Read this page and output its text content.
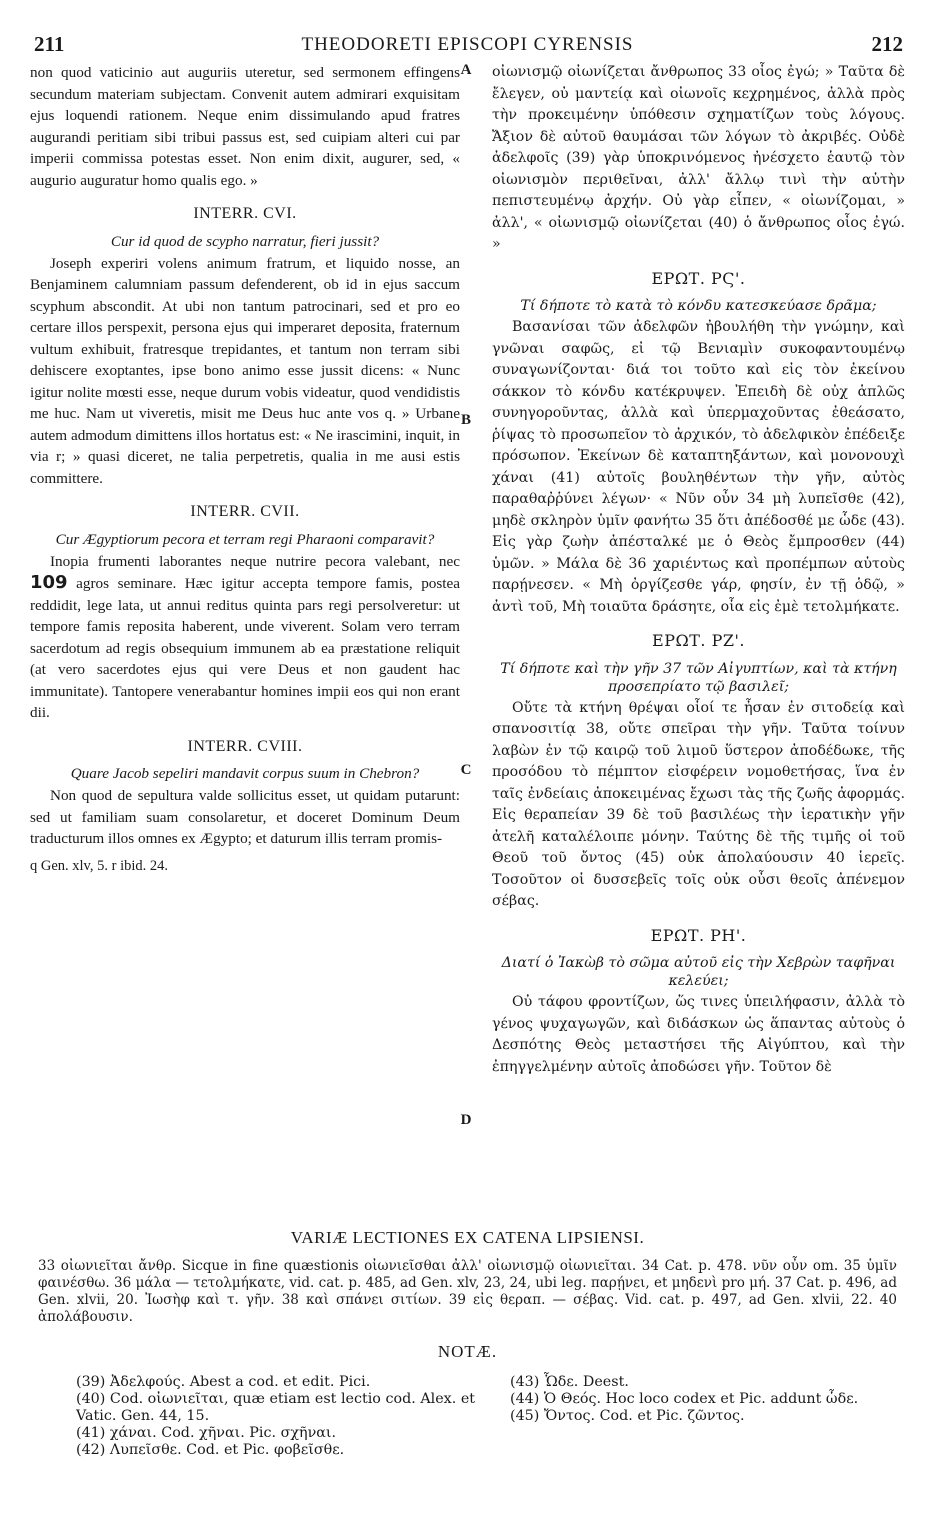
211	THEODORETI EPISCOPI CYRENSIS	212
A
B
C
D

non quod vaticinio aut auguriis uteretur, sed sermonem effingens secundum materiam subjectam. Convenit autem admirari exquisitam ejus loquendi rationem. Neque enim dissimulando apud fratres augurandi peritiam sibi tribui passus est, sed cuipiam alteri cui par imperii commissa potestas esset. Non enim dixit, augurer, sed, « augurio auguratur homo qualis ego. »

INTERR. CVI.

Cur id quod de scypho narratur, fieri jussit?

Joseph experiri volens animum fratrum, et liquido nosse, an Benjaminem calumniam passum defenderent, ob id in ejus saccum scyphum abscondit. At ubi non tantum patrocinari, sed et pro eo certare illos perspexit, persona ejus qui imperaret deposita, fraternum vultum exhibuit, fratresque trepidantes, et tantum non terram sibi dehiscere exoptantes, ipse bono animo esse jussit dicens: « Nunc igitur nolite mœsti esse, neque durum vobis videatur, quod vendidistis me huc. Nam ut viveretis, misit me Deus huc ante vos q. » Urbane autem admodum dimittens illos hortatus est: « Ne irascimini, inquit, in via r; » quasi diceret, ne talia perpetretis, qualia in me ausi estis committere.

INTERR. CVII.

Cur Ægyptiorum pecora et terram regi Pharaoni comparavit?

Inopia frumenti laborantes neque nutrire pecora valebant, nec 109 agros seminare. Hæc igitur accepta tempore famis, postea reddidit, lege lata, ut annui reditus quinta pars regi persolveretur: ut tempore famis reposita haberent, unde viverent. Solam vero terram sacerdotum ad regis obsequium immunem ab ea præstatione reliquit (at vero sacerdotes ejus qui vere Deus et non gaudent hac immunitate). Tantopere venerabantur homines impii eos qui non erant dii.

INTERR. CVIII.

Quare Jacob sepeliri mandavit corpus suum in Chebron?

Non quod de sepultura valde sollicitus esset, ut quidam putarunt: sed ut familiam suam consolaretur, et doceret Dominum Deum traducturum illos omnes ex Ægypto; et daturum illis terram promis-

q Gen. xlv, 5. r ibid. 24.

οἰωνισμῷ οἰωνίζεται ἄνθρωπος 33 οἷος ἐγώ; » Ταῦτα δὲ ἔλεγεν, οὐ μαντείᾳ καὶ οἰωνοῖς κεχρημένος, ἀλλὰ πρὸς τὴν προκειμένην ὑπόθεσιν σχηματίζων τοὺς λόγους. Ἄξιον δὲ αὐτοῦ θαυμάσαι τῶν λόγων τὸ ἀκριβές. Οὐδὲ ἀδελφοῖς (39) γὰρ ὑποκρινόμενος ἠνέσχετο ἑαυτῷ τὸν οἰωνισμὸν περιθεῖναι, ἀλλ' ἄλλῳ τινὶ τὴν αὐτὴν πεπιστευμένῳ ἀρχήν. Οὐ γὰρ εἶπεν, « οἰωνίζομαι, » ἀλλ', « οἰωνισμῷ οἰωνίζεται (40) ὁ ἄνθρωπος οἷος ἐγώ. »

ΕΡΩΤ. ΡϚ'.

Τί δήποτε τὸ κατὰ τὸ κόνδυ κατεσκεύασε δρᾶμα;

Βασανίσαι τῶν ἀδελφῶν ἠβουλήθη τὴν γνώμην, καὶ γνῶναι σαφῶς, εἰ τῷ Βενιαμὶν συκοφαντουμένῳ συναγωνίζονται· διά τοι τοῦτο καὶ εἰς τὸν ἐκείνου σάκκον τὸ κόνδυ κατέκρυψεν. Ἐπειδὴ δὲ οὐχ ἁπλῶς συνηγοροῦντας, ἀλλὰ καὶ ὑπερμαχοῦντας ἐθεάσατο, ῥίψας τὸ προσωπεῖον τὸ ἀρχικόν, τὸ ἀδελφικὸν ἐπέδειξε πρόσωπον. Ἐκείνων δὲ καταπτηξάντων, καὶ μονονουχὶ χάναι (41) αὐτοῖς βουληθέντων τὴν γῆν, αὐτὸς παραθαῤῥύνει λέγων· « Νῦν οὖν 34 μὴ λυπεῖσθε (42), μηδὲ σκληρὸν ὑμῖν φανήτω 35 ὅτι ἀπέδοσθέ με ὧδε (43). Εἰς γὰρ ζωὴν ἀπέσταλκέ με ὁ Θεὸς ἔμπροσθεν (44) ὑμῶν. » Μάλα δὲ 36 χαριέντως καὶ προπέμπων αὐτοὺς παρῄνεσεν. « Μὴ ὀργίζεσθε γάρ, φησίν, ἐν τῇ ὁδῷ, » ἀντὶ τοῦ, Μὴ τοιαῦτα δράσητε, οἷα εἰς ἐμὲ τετολμήκατε.

ΕΡΩΤ. ΡΖ'.

Τί δήποτε καὶ τὴν γῆν 37 τῶν Αἰγυπτίων, καὶ τὰ κτήνη προσεπρίατο τῷ βασιλεῖ;

Οὔτε τὰ κτήνη θρέψαι οἷοί τε ἦσαν ἐν σιτοδείᾳ καὶ σπανοσιτίᾳ 38, οὔτε σπεῖραι τὴν γῆν. Ταῦτα τοίνυν λαβὼν ἐν τῷ καιρῷ τοῦ λιμοῦ ὕστερον ἀποδέδωκε, τῆς προσόδου τὸ πέμπτον εἰσφέρειν νομοθετήσας, ἵνα ἐν ταῖς ἐνδείαις ἀποκειμένας ἔχωσι τὰς τῆς ζωῆς ἀφορμάς. Εἰς θεραπείαν 39 δὲ τοῦ βασιλέως τὴν ἱερατικὴν γῆν ἀτελῆ καταλέλοιπε μόνην. Ταύτης δὲ τῆς τιμῆς οἱ τοῦ Θεοῦ τοῦ ὄντος (45) οὐκ ἀπολαύουσιν 40 ἱερεῖς. Τοσοῦτον οἱ δυσσεβεῖς τοῖς οὐκ οὖσι θεοῖς ἀπένεμον σέβας.

ΕΡΩΤ. ΡΗ'.

Διατί ὁ Ἰακὼβ τὸ σῶμα αὐτοῦ εἰς τὴν Χεβρὼν ταφῆναι κελεύει;

Οὐ τάφου φροντίζων, ὥς τινες ὑπειλήφασιν, ἀλλὰ τὸ γένος ψυχαγωγῶν, καὶ διδάσκων ὡς ἅπαντας αὐτοὺς ὁ Δεσπότης Θεὸς μεταστήσει τῆς Αἰγύπτου, καὶ τὴν ἐπηγγελμένην αὐτοῖς ἀποδώσει γῆν. Τοῦτον δὲ

VARIÆ LECTIONES EX CATENA LIPSIENSI.

33 οἰωνιεῖται ἄνθρ. Sicque in fine quæstionis οἰωνιεῖσθαι ἀλλ' οἰωνισμῷ οἰωνιεῖται. 34 Cat. p. 478. νῦν οὖν om. 35 ὑμῖν φαινέσθω. 36 μάλα — τετολμήκατε, vid. cat. p. 485, ad Gen. xlv, 23, 24, ubi leg. παρῄνει, et μηδενὶ pro μή. 37 Cat. p. 496, ad Gen. xlvii, 20. Ἰωσὴφ καὶ τ. γῆν. 38 καὶ σπάνει σιτίων. 39 εἰς θεραπ. — σέβας. Vid. cat. p. 497, ad Gen. xlvii, 22. 40 ἀπολάβουσιν.

NOTÆ.
(39) Ἀδελφούς. Abest a cod. et edit. Pici.
(40) Cod. οἰωνιεῖται, quæ etiam est lectio cod. Alex. et Vatic. Gen. 44, 15.
(41) χάναι. Cod. χῆναι. Pic. σχῆναι.
(42) Λυπεῖσθε. Cod. et Pic. φοβεῖσθε.
(43) Ὧδε. Deest.
(44) Ὁ Θεός. Hoc loco codex et Pic. addunt ὧδε.
(45) Ὄντος. Cod. et Pic. ζῶντος.
